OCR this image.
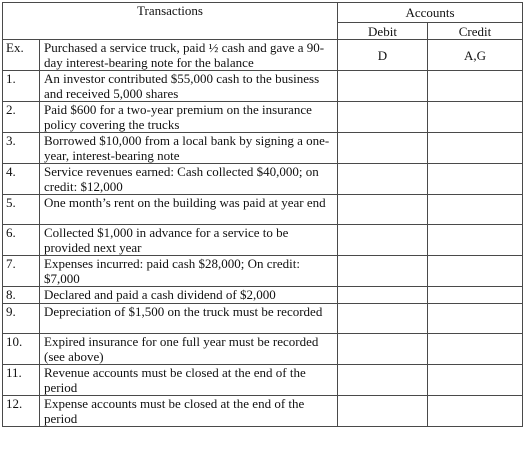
Transactions		Accounts	
		Debit	Credit
Ex.	Purchased a service truck, paid ½ cash and gave a 90-day interest-bearing note for the balance	D	A,G
1.	An investor contributed $55,000 cash to the business and received 5,000 shares		
2.	Paid $600 for a two-year premium on the insurance policy covering the trucks		
3.	Borrowed $10,000 from a local bank by signing a one-year, interest-bearing note		
4.	Service revenues earned: Cash collected $40,000; on credit: $12,000		
5.	One month’s rent on the building was paid at year end		
6.	Collected $1,000 in advance for a service to be provided next year		
7.	Expenses incurred: paid cash $28,000; On credit: $7,000		
8.	Declared and paid a cash dividend of $2,000		
9.	Depreciation of $1,500 on the truck must be recorded		
10.	Expired insurance for one full year must be recorded (see above)		
11.	Revenue accounts must be closed at the end of the period		
12.	Expense accounts must be closed at the end of the period		
